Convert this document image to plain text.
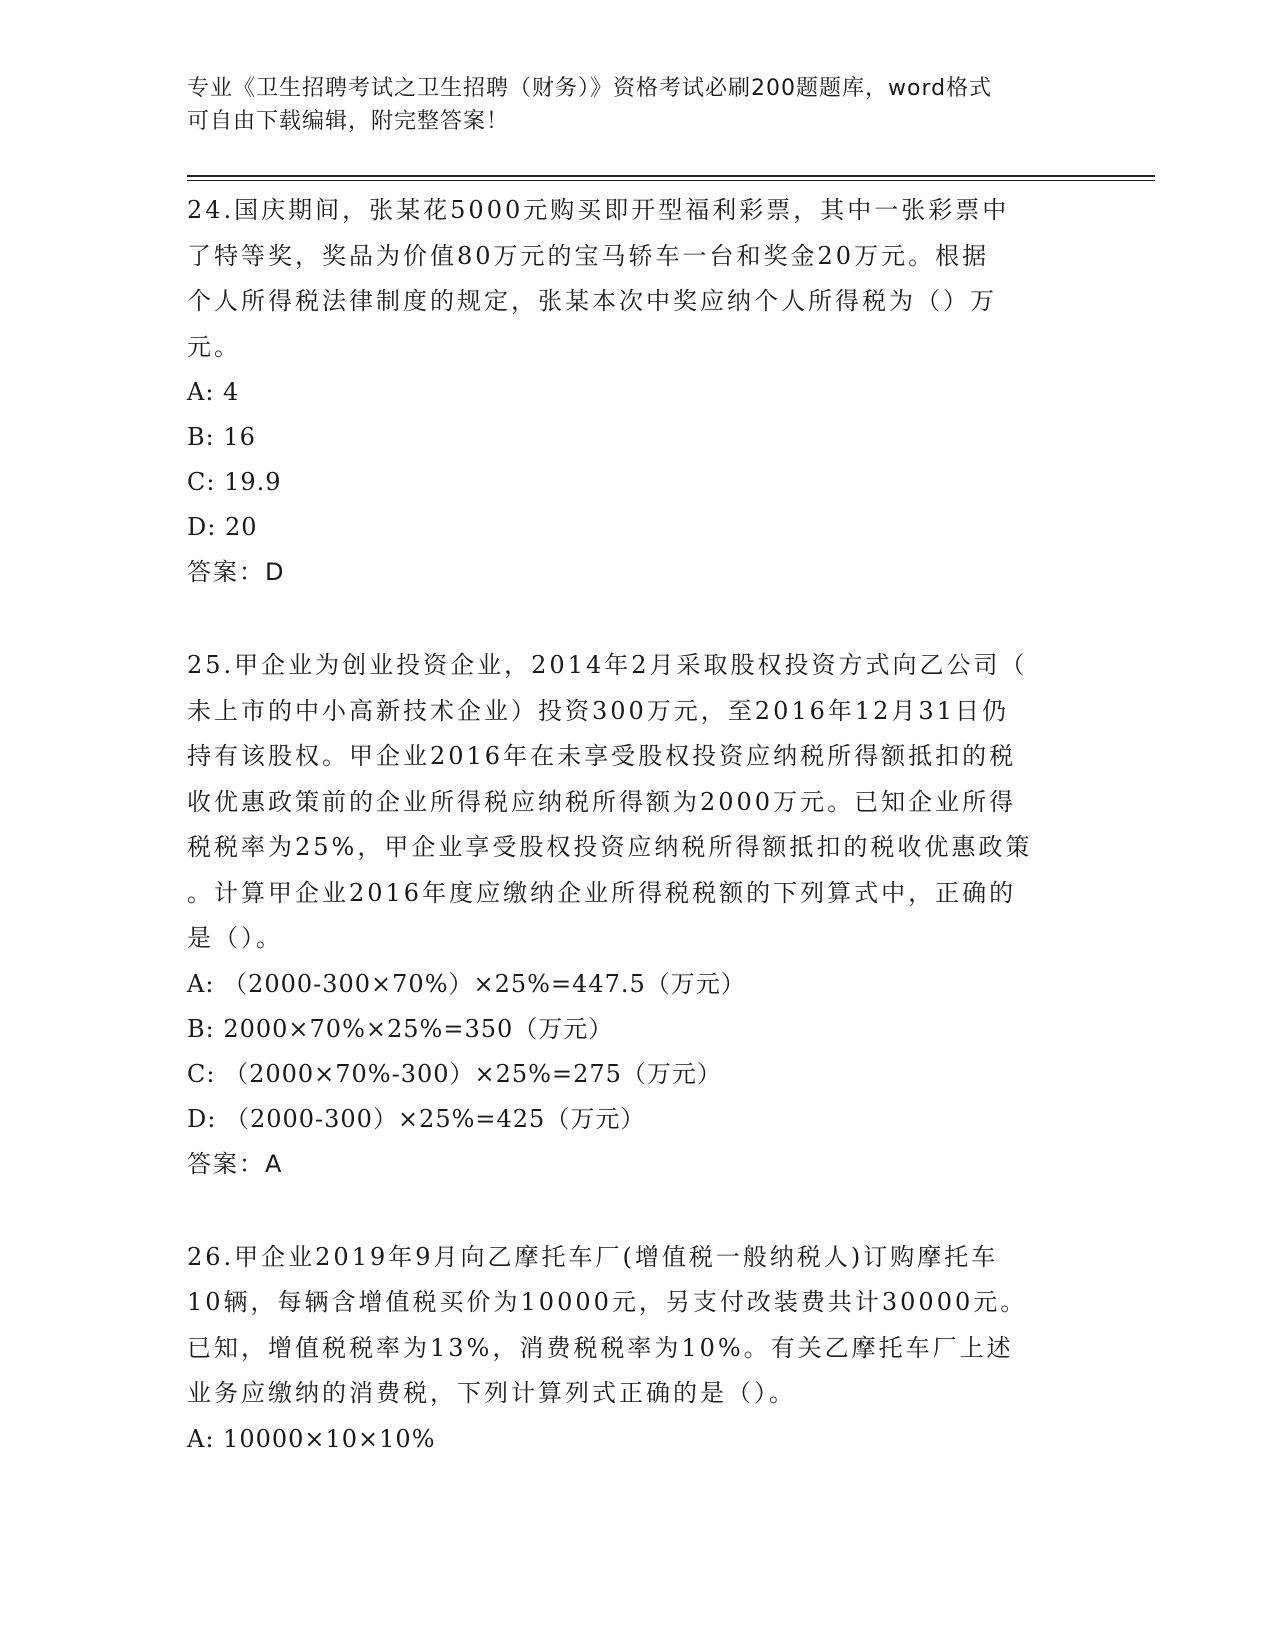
专业《卫生招聘考试之卫生招聘（财务）》资格考试必刷200题题库，word格式
可自由下载编辑，附完整答案！

24.国庆期间，张某花5000元购买即开型福利彩票，其中一张彩票中

了特等奖，奖品为价值80万元的宝马轿车一台和奖金20万元。根据

个人所得税法律制度的规定，张某本次中奖应纳个人所得税为（）万

元。

A: 4

B: 16

C: 19.9

D: 20

答案：D

25.甲企业为创业投资企业，2014年2月采取股权投资方式向乙公司（

未上市的中小高新技术企业）投资300万元，至2016年12月31日仍

持有该股权。甲企业2016年在未享受股权投资应纳税所得额抵扣的税

收优惠政策前的企业所得税应纳税所得额为2000万元。已知企业所得

税税率为25%，甲企业享受股权投资应纳税所得额抵扣的税收优惠政策

。计算甲企业2016年度应缴纳企业所得税税额的下列算式中，正确的

是（）。

A: （2000-300×70%）×25%=447.5（万元）

B: 2000×70%×25%=350（万元）

C: （2000×70%-300）×25%=275（万元）

D: （2000-300）×25%=425（万元）

答案：A

26.甲企业2019年9月向乙摩托车厂(增值税一般纳税人)订购摩托车

10辆，每辆含增值税买价为10000元，另支付改装费共计30000元。

已知，增值税税率为13%，消费税税率为10%。有关乙摩托车厂上述

业务应缴纳的消费税，下列计算列式正确的是（）。

A: 10000×10×10%
